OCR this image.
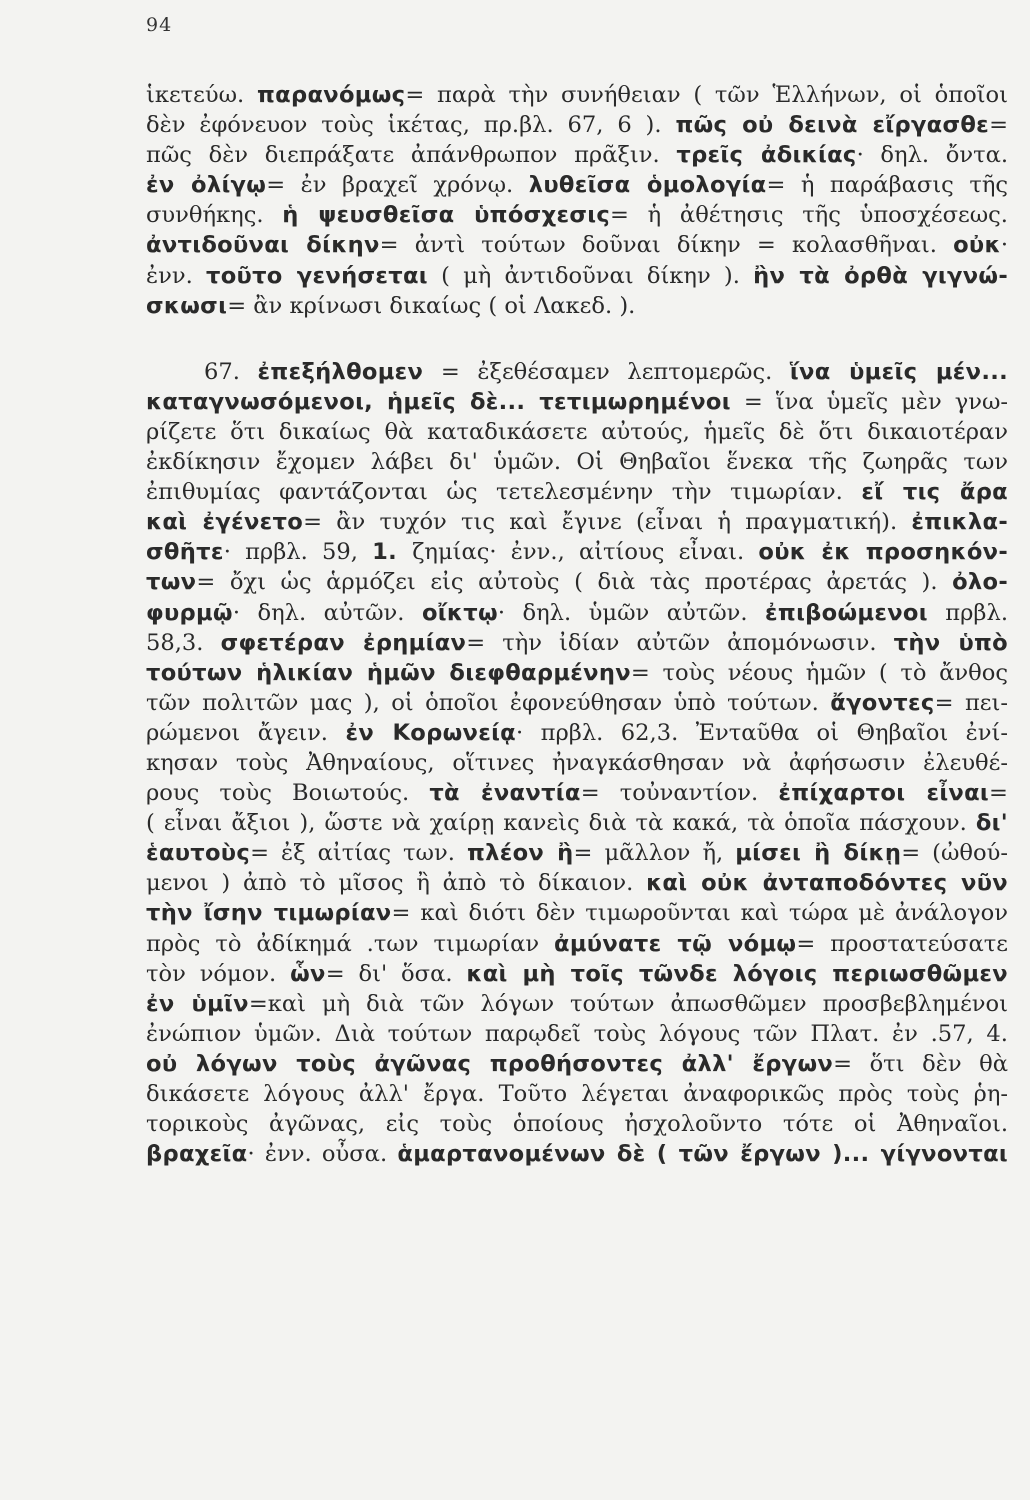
94
ἱκετεύω. παρανόμως= παρὰ τὴν συνήθειαν ( τῶν Ἑλλήνων, οἱ ὁποῖοι
δὲν ἐφόνευον τοὺς ἱκέτας, πρ.βλ. 67, 6 ). πῶς οὐ δεινὰ εἴργασθε=
πῶς δὲν διεπράξατε ἀπάνθρωπον πρᾶξιν. τρεῖς ἀδικίας· δηλ. ὄντα.
ἐν ὀλίγῳ= ἐν βραχεῖ χρόνῳ. λυθεῖσα ὁμολογία= ἡ παράβασις τῆς
συνθήκης. ἡ ψευσθεῖσα ὑπόσχεσις= ἡ ἀθέτησις τῆς ὑποσχέσεως.
ἀντιδοῦναι δίκην= ἀντὶ τούτων δοῦναι δίκην = κολασθῆναι. οὐκ·
ἐνν. τοῦτο γενήσεται ( μὴ ἀντιδοῦναι δίκην ). ἢν τὰ ὀρθὰ γιγνώ-
σκωσι= ἂν κρίνωσι δικαίως ( οἱ Λακεδ. ).
67. ἐπεξήλθομεν = ἐξεθέσαμεν λεπτομερῶς. ἵνα ὑμεῖς μέν...
καταγνωσόμενοι, ἡμεῖς δὲ... τετιμωρημένοι = ἵνα ὑμεῖς μὲν γνω-
ρίζετε ὅτι δικαίως θὰ καταδικάσετε αὐτούς, ἡμεῖς δὲ ὅτι δικαιοτέραν
ἐκδίκησιν ἔχομεν λάβει δι' ὑμῶν. Οἱ Θηβαῖοι ἕνεκα τῆς ζωηρᾶς των
ἐπιθυμίας φαντάζονται ὡς τετελεσμένην τὴν τιμωρίαν. εἴ τις ἄρα
καὶ ἐγένετο= ἂν τυχόν τις καὶ ἔγινε (εἶναι ἡ πραγματική). ἐπικλα-
σθῆτε· πρβλ. 59, 1. ζημίας· ἐνν., αἰτίους εἶναι. οὐκ ἐκ προσηκόν-
των= ὄχι ὡς ἁρμόζει εἰς αὐτοὺς ( διὰ τὰς προτέρας ἀρετάς ). ὀλο-
φυρμῷ· δηλ. αὐτῶν. οἴκτῳ· δηλ. ὑμῶν αὐτῶν. ἐπιβοώμενοι πρβλ.
58,3. σφετέραν ἐρημίαν= τὴν ἰδίαν αὐτῶν ἀπομόνωσιν. τὴν ὑπὸ
τούτων ἡλικίαν ἡμῶν διεφθαρμένην= τοὺς νέους ἡμῶν ( τὸ ἄνθος
τῶν πολιτῶν μας ), οἱ ὁποῖοι ἐφονεύθησαν ὑπὸ τούτων. ἄγοντες= πει-
ρώμενοι ἄγειν. ἐν Κορωνείᾳ· πρβλ. 62,3. Ἐνταῦθα οἱ Θηβαῖοι ἐνί-
κησαν τοὺς Ἀθηναίους, οἵτινες ἠναγκάσθησαν νὰ ἀφήσωσιν ἐλευθέ-
ρους τοὺς Βοιωτούς. τὰ ἐναντία= τοὐναντίον. ἐπίχαρτοι εἶναι=
( εἶναι ἄξιοι ), ὥστε νὰ χαίρῃ κανεὶς διὰ τὰ κακά, τὰ ὁποῖα πάσχουν. δι'
ἑαυτοὺς= ἐξ αἰτίας των. πλέον ἢ= μᾶλλον ἤ, μίσει ἢ δίκῃ= (ὠθού-
μενοι ) ἀπὸ τὸ μῖσος ἢ ἀπὸ τὸ δίκαιον. καὶ οὐκ ἀνταποδόντες νῦν
τὴν ἴσην τιμωρίαν= καὶ διότι δὲν τιμωροῦνται καὶ τώρα μὲ ἀνάλογον
πρὸς τὸ ἀδίκημά .των τιμωρίαν ἀμύνατε τῷ νόμῳ= προστατεύσατε
τὸν νόμον. ὧν= δι' ὅσα. καὶ μὴ τοῖς τῶνδε λόγοις περιωσθῶμεν
ἐν ὑμῖν=καὶ μὴ διὰ τῶν λόγων τούτων ἀπωσθῶμεν προσβεβλημένοι
ἐνώπιον ὑμῶν. Διὰ τούτων παρῳδεῖ τοὺς λόγους τῶν Πλατ. ἐν .57, 4.
οὐ λόγων τοὺς ἀγῶνας προθήσοντες ἀλλ' ἔργων= ὅτι δὲν θὰ
δικάσετε λόγους ἀλλ' ἔργα. Τοῦτο λέγεται ἀναφορικῶς πρὸς τοὺς ῥη-
τορικοὺς ἀγῶνας, εἰς τοὺς ὁποίους ἠσχολοῦντο τότε οἱ Ἀθηναῖοι.
βραχεῖα· ἐνν. οὖσα. ἁμαρτανομένων δὲ ( τῶν ἔργων )... γίγνονται
